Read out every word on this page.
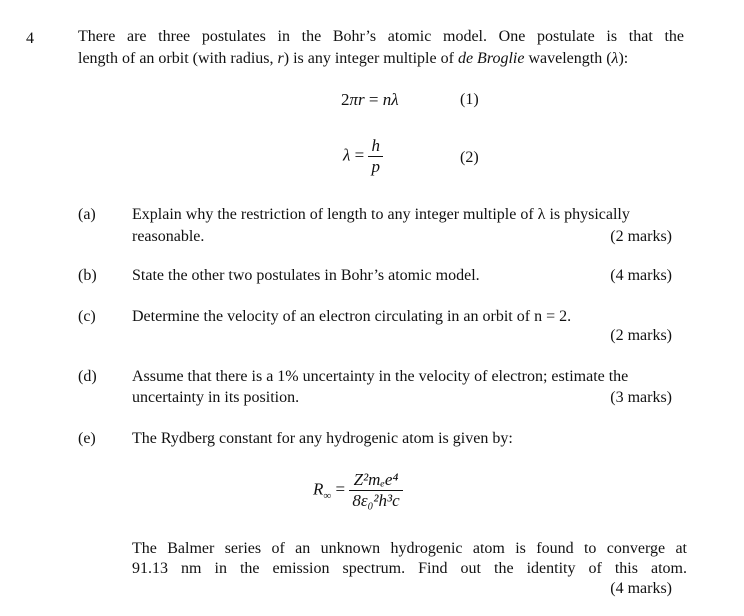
4	There are three postulates in the Bohr’s atomic model. One postulate is that the
length of an orbit (with radius, r) is any integer multiple of de Broglie wavelength (λ):
2πr = nλ	(1)
$\lambda = \frac{h}{p}$	(2)
(a) Explain why the restriction of length to any integer multiple of λ is physically
reasonable.	(2 marks)
(b) State the other two postulates in Bohr’s atomic model.	(4 marks)
(c) Determine the velocity of an electron circulating in an orbit of n = 2.
(2 marks)
(d) Assume that there is a 1% uncertainty in the velocity of electron; estimate the
uncertainty in its position.	(3 marks)
(e) The Rydberg constant for any hydrogenic atom is given by:
$R_\infty = \frac{\text{Z²mₑe⁴}}{\text{8ε₀²h³c}}$
The Balmer series of an unknown hydrogenic atom is found to converge at
91.13 nm in the emission spectrum. Find out the identity of this atom.
(4 marks)
